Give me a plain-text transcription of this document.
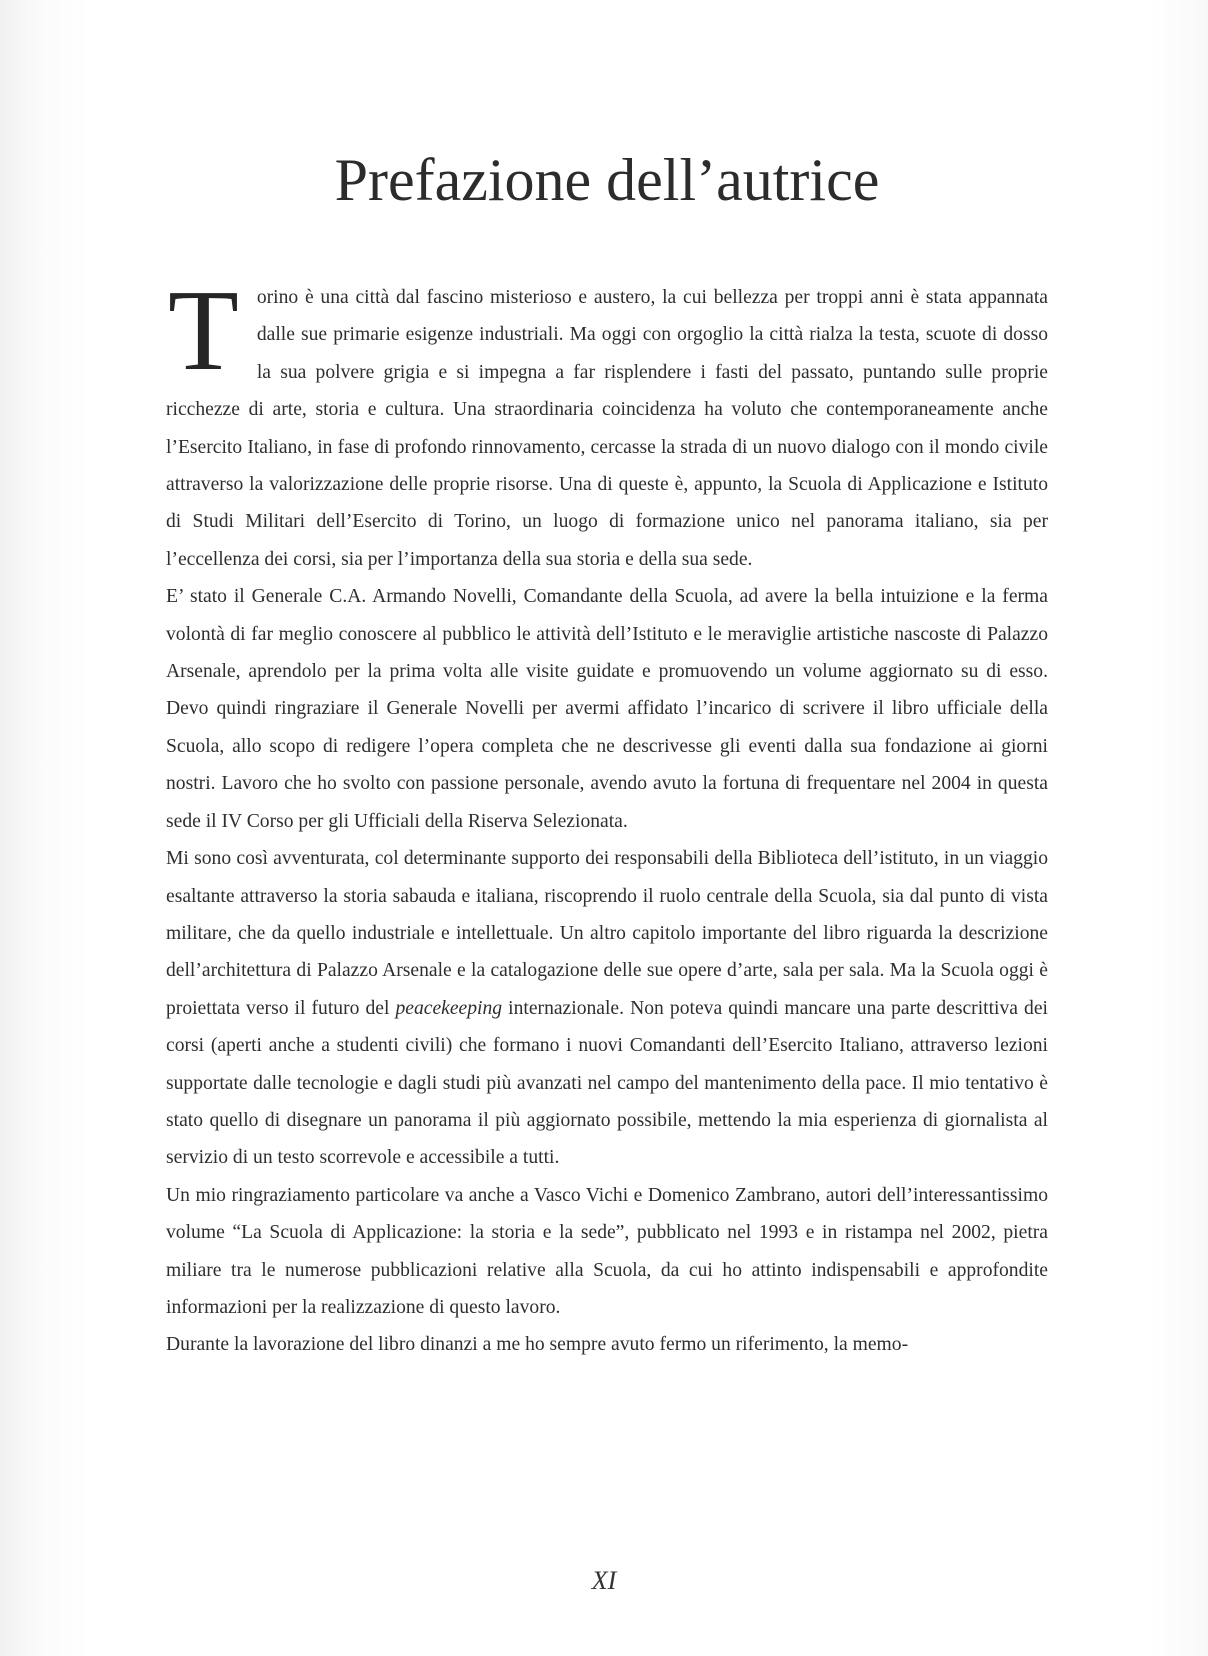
Prefazione dell’autrice

Torino è una città dal fascino misterioso e austero, la cui bellezza per troppi anni è stata appannata dalle sue primarie esigenze industriali. Ma oggi con orgoglio la città rialza la testa, scuote di dosso la sua polvere grigia e si impegna a far risplendere i fasti del passato, puntando sulle proprie ricchezze di arte, storia e cultura. Una straordinaria coincidenza ha voluto che contemporaneamente anche l’Esercito Italiano, in fase di profondo rinnovamento, cercasse la strada di un nuovo dialogo con il mondo civile attraverso la valorizzazione delle proprie risorse. Una di queste è, appunto, la Scuola di Applicazione e Istituto di Studi Militari dell’Esercito di Torino, un luogo di formazione unico nel panorama italiano, sia per l’eccellenza dei corsi, sia per l’importanza della sua storia e della sua sede.

E’ stato il Generale C.A. Armando Novelli, Comandante della Scuola, ad avere la bella intuizione e la ferma volontà di far meglio conoscere al pubblico le attività dell’Istituto e le meraviglie artistiche nascoste di Palazzo Arsenale, aprendolo per la prima volta alle visite guidate e promuovendo un volume aggiornato su di esso. Devo quindi ringraziare il Generale Novelli per avermi affidato l’incarico di scrivere il libro ufficiale della Scuola, allo scopo di redigere l’opera completa che ne descrivesse gli eventi dalla sua fondazione ai giorni nostri. Lavoro che ho svolto con passione personale, avendo avuto la fortuna di frequentare nel 2004 in questa sede il IV Corso per gli Ufficiali della Riserva Selezionata.

Mi sono così avventurata, col determinante supporto dei responsabili della Biblioteca dell’istituto, in un viaggio esaltante attraverso la storia sabauda e italiana, riscoprendo il ruolo centrale della Scuola, sia dal punto di vista militare, che da quello industriale e intellettuale. Un altro capitolo importante del libro riguarda la descrizione dell’architettura di Palazzo Arsenale e la catalogazione delle sue opere d’arte, sala per sala. Ma la Scuola oggi è proiettata verso il futuro del peacekeeping internazionale. Non poteva quindi mancare una parte descrittiva dei corsi (aperti anche a studenti civili) che formano i nuovi Comandanti dell’Esercito Italiano, attraverso lezioni supportate dalle tecnologie e dagli studi più avanzati nel campo del mantenimento della pace. Il mio tentativo è stato quello di disegnare un panorama il più aggiornato possibile, mettendo la mia esperienza di giornalista al servizio di un testo scorrevole e accessibile a tutti.

Un mio ringraziamento particolare va anche a Vasco Vichi e Domenico Zambrano, autori dell’interessantissimo volume “La Scuola di Applicazione: la storia e la sede”, pubblicato nel 1993 e in ristampa nel 2002, pietra miliare tra le numerose pubblicazioni relative alla Scuola, da cui ho attinto indispensabili e approfondite informazioni per la realizzazione di questo lavoro.

Durante la lavorazione del libro dinanzi a me ho sempre avuto fermo un riferimento, la memo-

XI
